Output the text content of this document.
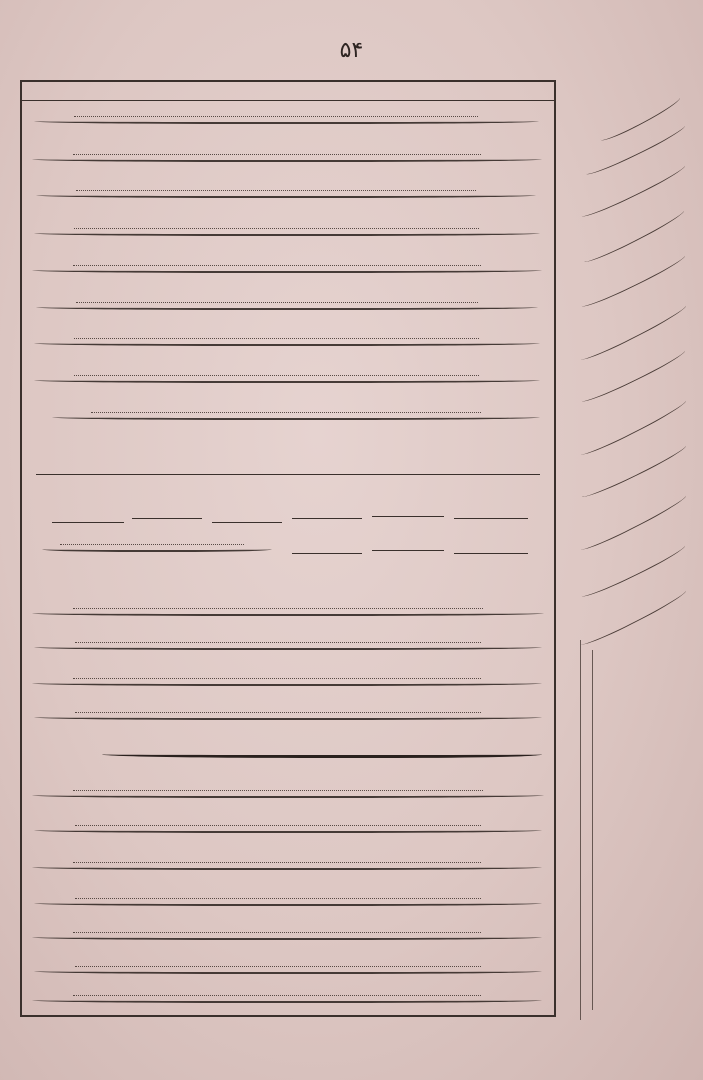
۵۴
